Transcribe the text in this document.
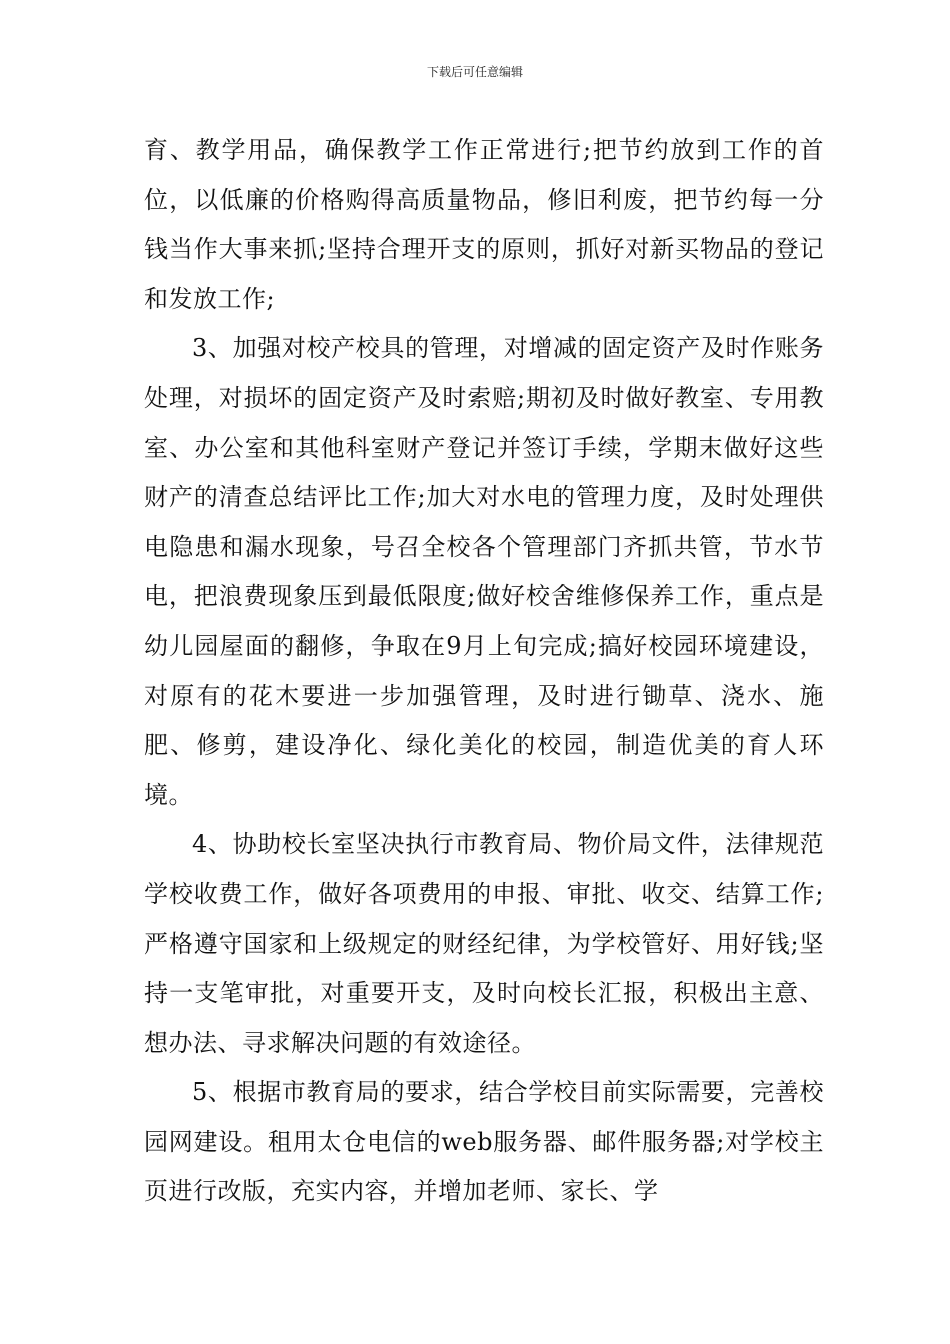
下载后可任意编辑

育、教学用品，确保教学工作正常进行;把节约放到工作的首位，以低廉的价格购得高质量物品，修旧利废，把节约每一分钱当作大事来抓;坚持合理开支的原则，抓好对新买物品的登记和发放工作;

3、加强对校产校具的管理，对增减的固定资产及时作账务处理，对损坏的固定资产及时索赔;期初及时做好教室、专用教室、办公室和其他科室财产登记并签订手续，学期末做好这些财产的清查总结评比工作;加大对水电的管理力度，及时处理供电隐患和漏水现象，号召全校各个管理部门齐抓共管，节水节电，把浪费现象压到最低限度;做好校舍维修保养工作，重点是幼儿园屋面的翻修，争取在9月上旬完成;搞好校园环境建设，对原有的花木要进一步加强管理，及时进行锄草、浇水、施肥、修剪，建设净化、绿化美化的校园，制造优美的育人环境。

4、协助校长室坚决执行市教育局、物价局文件，法律规范学校收费工作，做好各项费用的申报、审批、收交、结算工作;严格遵守国家和上级规定的财经纪律，为学校管好、用好钱;坚持一支笔审批，对重要开支，及时向校长汇报，积极出主意、想办法、寻求解决问题的有效途径。

5、根据市教育局的要求，结合学校目前实际需要，完善校园网建设。租用太仓电信的web服务器、邮件服务器;对学校主页进行改版，充实内容，并增加老师、家长、学
